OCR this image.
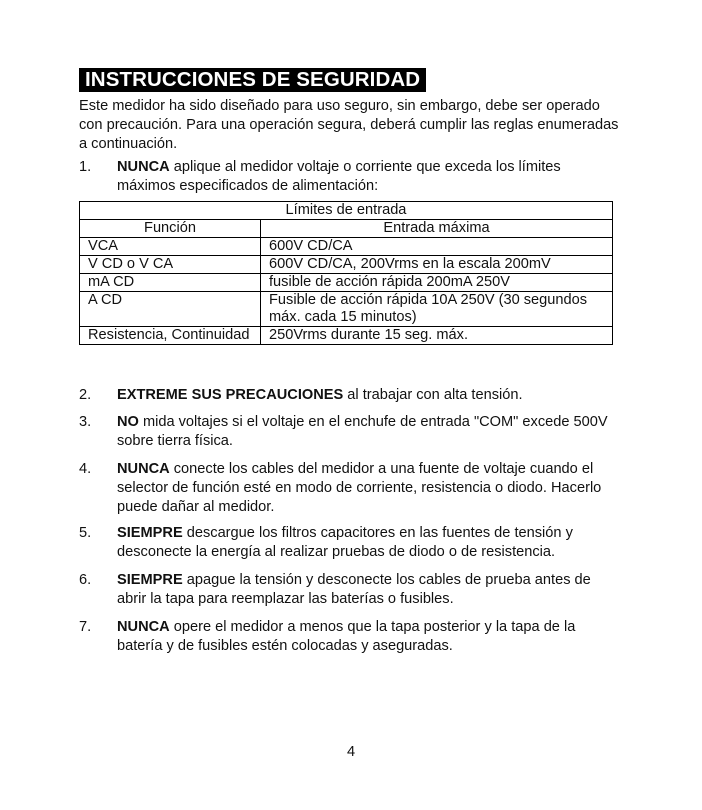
INSTRUCCIONES DE SEGURIDAD

Este medidor ha sido diseñado para uso seguro, sin embargo, debe ser operado con precaución. Para una operación segura, deberá cumplir las reglas enumeradas a continuación.

1. NUNCA aplique al medidor voltaje o corriente que exceda los límites máximos especificados de alimentación:
Límites de entrada	
Función	Entrada máxima
VCA	600V CD/CA
V CD o V CA	600V CD/CA, 200Vrms en la escala 200mV
mA CD	fusible de acción rápida 200mA 250V
A CD	Fusible de acción rápida 10A 250V (30 segundos máx. cada 15 minutos)
Resistencia, Continuidad	250Vrms durante 15 seg. máx.
2. EXTREME SUS PRECAUCIONES al trabajar con alta tensión.
3. NO mida voltajes si el voltaje en el enchufe de entrada "COM" excede 500V sobre tierra física.
4. NUNCA conecte los cables del medidor a una fuente de voltaje cuando el selector de función esté en modo de corriente, resistencia o diodo. Hacerlo puede dañar al medidor.
5. SIEMPRE descargue los filtros capacitores en las fuentes de tensión y desconecte la energía al realizar pruebas de diodo o de resistencia.
6. SIEMPRE apague la tensión y desconecte los cables de prueba antes de abrir la tapa para reemplazar las baterías o fusibles.
7. NUNCA opere el medidor a menos que la tapa posterior y la tapa de la batería y de fusibles estén colocadas y aseguradas.
4
